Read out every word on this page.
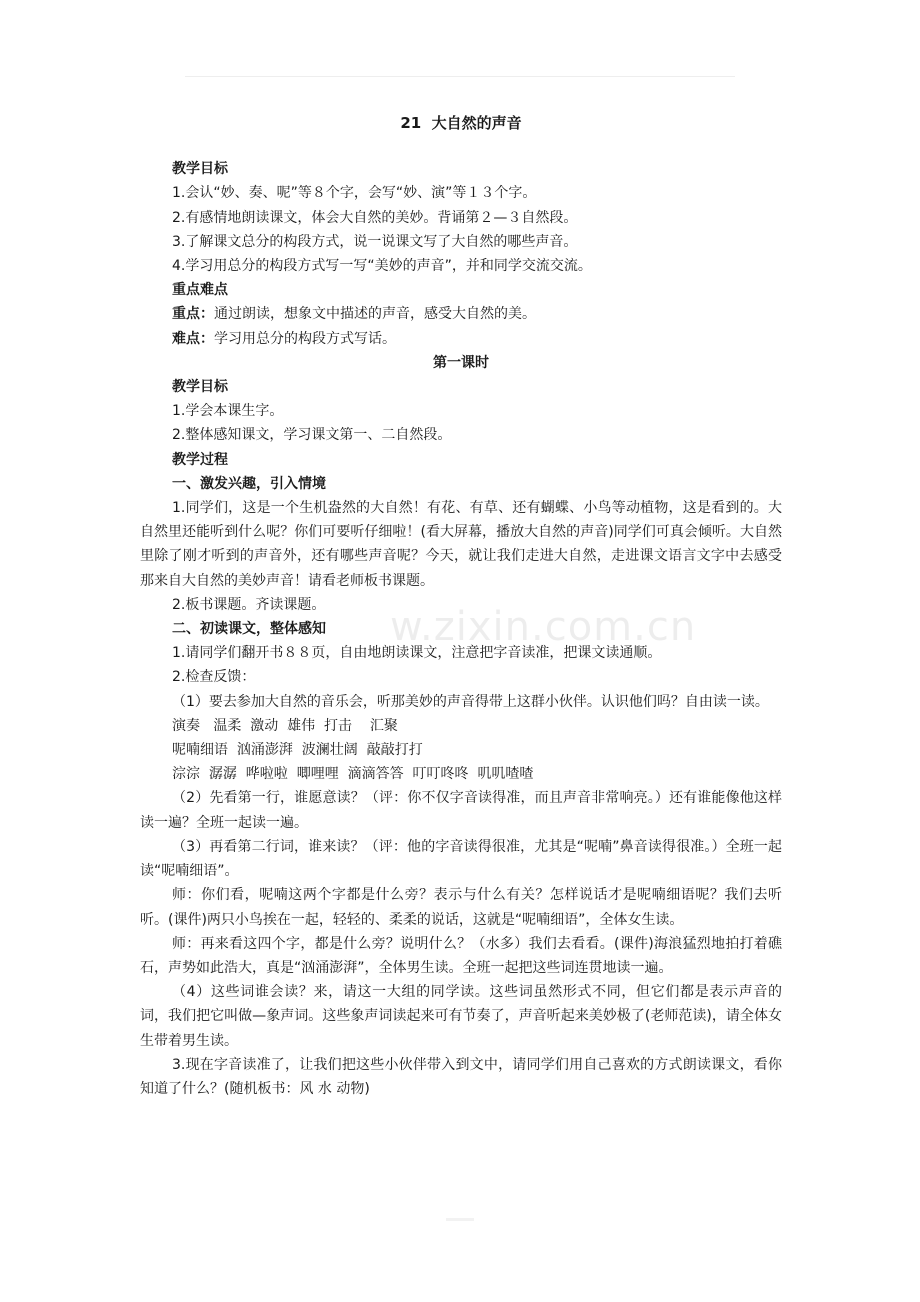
21  大自然的声音
教学目标
1.会认“妙、奏、呢”等８个字，会写“妙、演”等１３个字。
2.有感情地朗读课文，体会大自然的美妙。背诵第２—３自然段。
3.了解课文总分的构段方式，说一说课文写了大自然的哪些声音。
4.学习用总分的构段方式写一写“美妙的声音”，并和同学交流交流。
重点难点
重点：通过朗读，想象文中描述的声音，感受大自然的美。
难点：学习用总分的构段方式写话。
第一课时
教学目标
1.学会本课生字。
2.整体感知课文，学习课文第一、二自然段。
教学过程
一、激发兴趣，引入情境
1.同学们，这是一个生机盎然的大自然！有花、有草、还有蝴蝶、小鸟等动植物，这是看到的。大自然里还能听到什么呢？你们可要听仔细啦！(看大屏幕，播放大自然的声音)同学们可真会倾听。大自然里除了刚才听到的声音外，还有哪些声音呢？今天，就让我们走进大自然，走进课文语言文字中去感受那来自大自然的美妙声音！请看老师板书课题。
2.板书课题。齐读课题。
二、初读课文，整体感知
1.请同学们翻开书８８页，自由地朗读课文，注意把字音读准，把课文读通顺。
2.检查反馈：
（1）要去参加大自然的音乐会，听那美妙的声音得带上这群小伙伴。认识他们吗？自由读一读。
演奏   温柔  激动  雄伟  打击    汇聚
呢喃细语  汹涌澎湃  波澜壮阔  敲敲打打
淙淙  潺潺  哗啦啦  唧哩哩  滴滴答答  叮叮咚咚  叽叽喳喳
（2）先看第一行，谁愿意读？（评：你不仅字音读得准，而且声音非常响亮。）还有谁能像他这样读一遍？全班一起读一遍。
（3）再看第二行词，谁来读？（评：他的字音读得很准，尤其是“呢喃”鼻音读得很准。）全班一起读“呢喃细语”。
师：你们看，呢喃这两个字都是什么旁？表示与什么有关？怎样说话才是呢喃细语呢？我们去听听。(课件)两只小鸟挨在一起，轻轻的、柔柔的说话，这就是“呢喃细语”，全体女生读。
师：再来看这四个字，都是什么旁？说明什么？（水多）我们去看看。(课件)海浪猛烈地拍打着礁石，声势如此浩大，真是“汹涌澎湃”，全体男生读。全班一起把这些词连贯地读一遍。
（4）这些词谁会读？来，请这一大组的同学读。这些词虽然形式不同，但它们都是表示声音的词，我们把它叫做—象声词。这些象声词读起来可有节奏了，声音听起来美妙极了(老师范读)，请全体女生带着男生读。
3.现在字音读准了，让我们把这些小伙伴带入到文中，请同学们用自己喜欢的方式朗读课文，看你知道了什么？(随机板书：风 水 动物)
w.zixin.com.cn
